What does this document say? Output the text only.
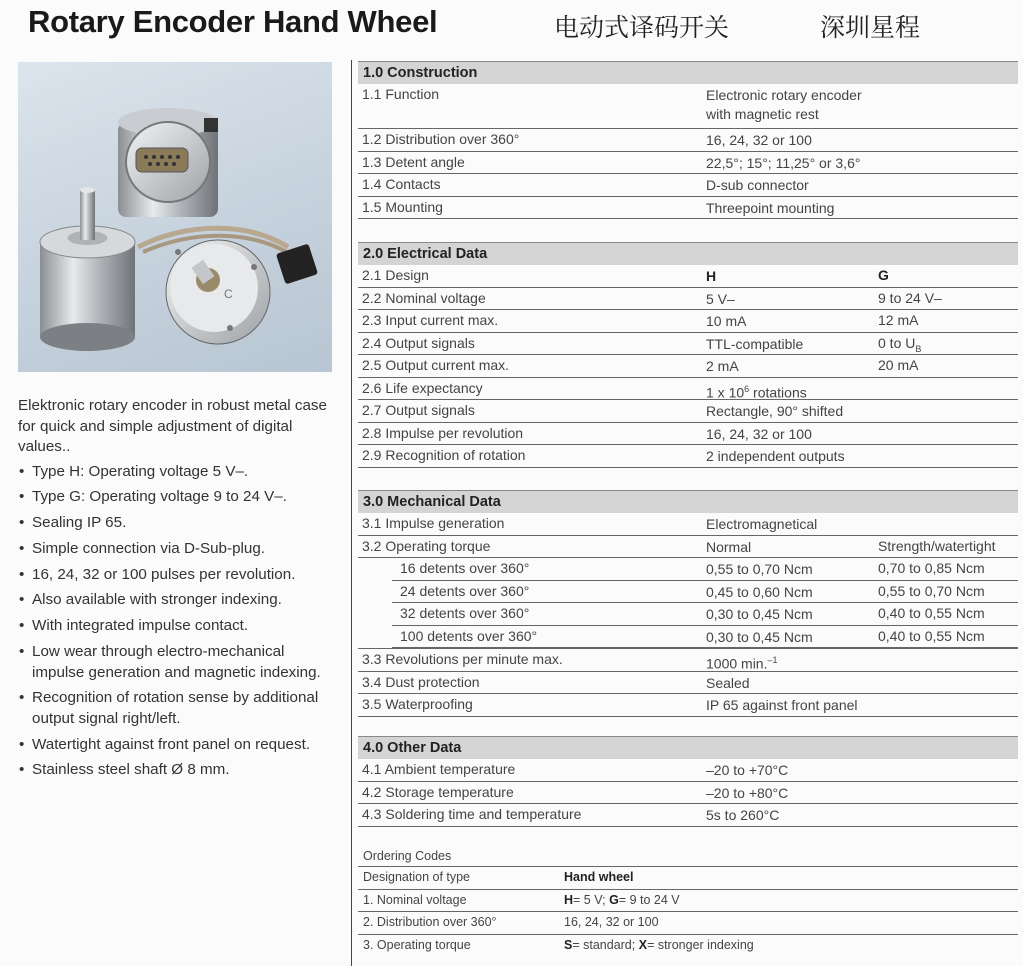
Rotary Encoder Hand Wheel	电动式译码开关	深圳星程
C

Elektronic rotary encoder in robust metal case for quick and simple adjustment of digital values..

• Type H: Operating voltage 5 V–.
• Type G: Operating voltage 9 to 24 V–.
• Sealing IP 65.
• Simple connection via D-Sub-plug.
• 16, 24, 32 or 100 pulses per revolution.
• Also available with stronger indexing.
• With integrated impulse contact.
• Low wear through electro-mechanical impulse generation and magnetic indexing.
• Recognition of rotation sense by additional output signal right/left.
• Watertight against front panel on request.
• Stainless steel shaft Ø 8 mm.
1.0 Construction
1.1 Function	Electronic rotary encoder
with magnetic rest
1.2 Distribution over 360°	16, 24, 32 or 100
1.3 Detent angle	22,5°; 15°; 11,25° or 3,6°
1.4 Contacts	D-sub connector
1.5 Mounting	Threepoint mounting
2.0 Electrical Data
2.1 Design	H	G
2.2 Nominal voltage	5 V–	9 to 24 V–
2.3 Input current max.	10 mA	12 mA
2.4 Output signals	TTL-compatible	0 to $U_B$
2.5 Output current max.	2 mA	20 mA
2.6 Life expectancy	1 x $10^6$ rotations
2.7 Output signals	Rectangle, 90° shifted
2.8 Impulse per revolution	16, 24, 32 or 100
2.9 Recognition of rotation	2 independent outputs
3.0 Mechanical Data
3.1 Impulse generation	Electromagnetical
3.2 Operating torque	Normal	Strength/watertight
16 detents over 360°	0,55 to 0,70 Ncm	0,70 to 0,85 Ncm
24 detents over 360°	0,45 to 0,60 Ncm	0,55 to 0,70 Ncm
32 detents over 360°	0,30 to 0,45 Ncm	0,40 to 0,55 Ncm
100 detents over 360°	0,30 to 0,45 Ncm	0,40 to 0,55 Ncm
3.3 Revolutions per minute max.	1000 min.$^{-1}$
3.4 Dust protection	Sealed
3.5 Waterproofing	IP 65 against front panel
4.0 Other Data
4.1 Ambient temperature	–20 to +70°C
4.2 Storage temperature	–20 to +80°C
4.3 Soldering time and temperature	5s to 260°C
Ordering Codes
Designation of type	Hand wheel
1. Nominal voltage	H= 5 V; G= 9 to 24 V
2. Distribution over 360°	16, 24, 32 or 100
3. Operating torque	S= standard; X= stronger indexing
